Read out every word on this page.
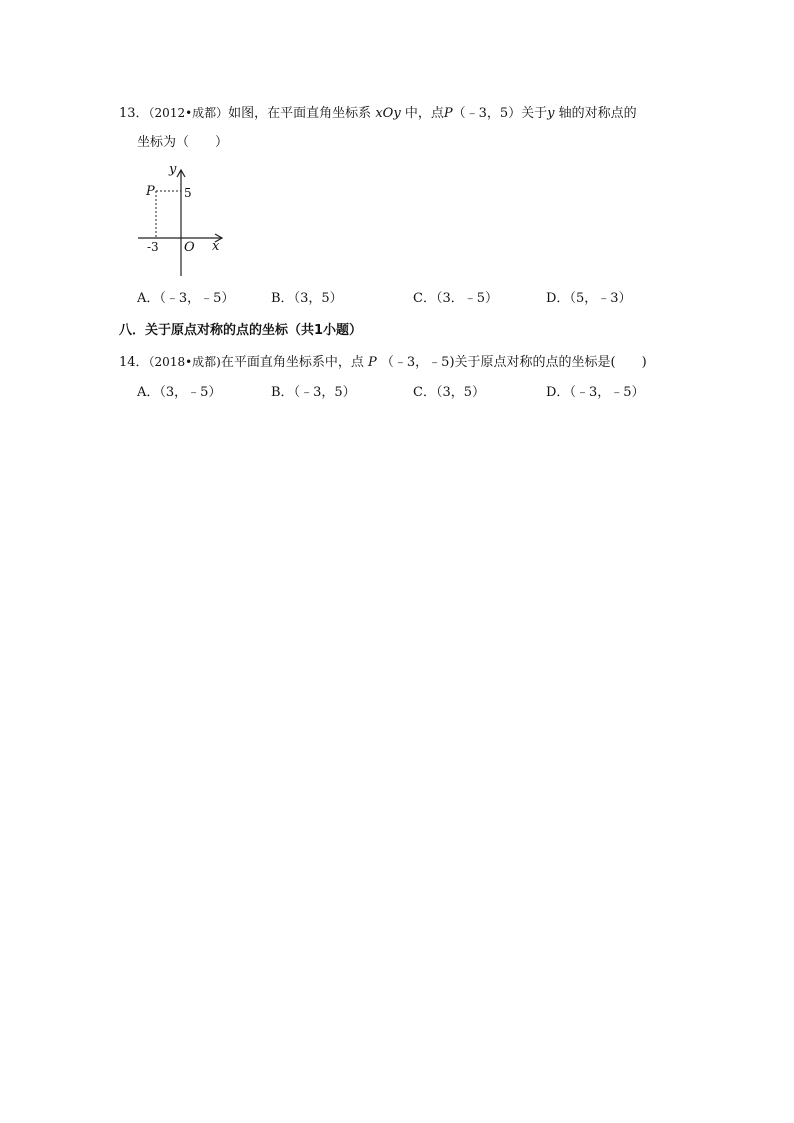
13．（2012•成都）如图，在平面直角坐标系 xOy 中，点P（﹣3，5）关于y 轴的对称点的
坐标为（　　）
y
P 5
-3 O x
A．（﹣3，﹣5）	B．（3，5）	C．（3．﹣5）	D．（5，﹣3）
八．关于原点对称的点的坐标（共1小题）
14．（2018•成都)在平面直角坐标系中，点 P （﹣3，﹣5)关于原点对称的点的坐标是(　　)
A．（3，﹣5）	B．（﹣3，5）	C．（3，5）	D．（﹣3，﹣5）
